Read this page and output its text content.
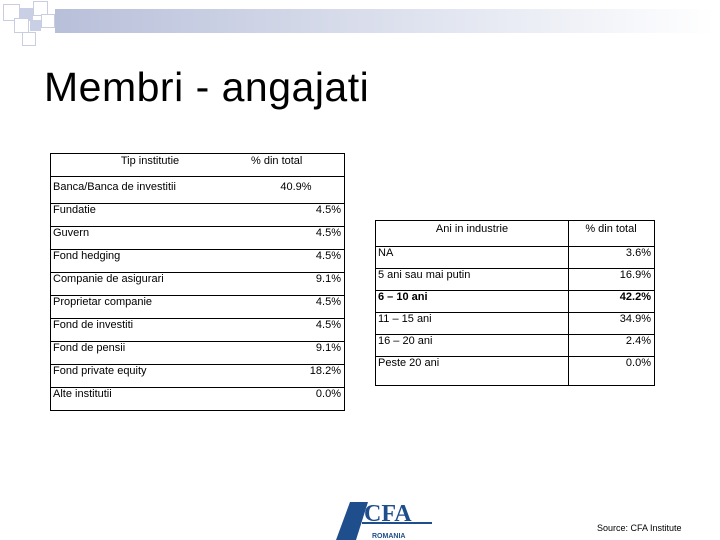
Membri - angajati
Tip institutie	% din total
Banca/Banca de investitii	40.9%
Fundatie	4.5%
Guvern	4.5%
Fond hedging	4.5%
Companie de asigurari	9.1%
Proprietar companie	4.5%
Fond de investiti	4.5%
Fond de pensii	9.1%
Fond private equity	18.2%
Alte institutii	0.0%
Ani in industrie	% din total
NA	3.6%
5 ani sau mai putin	16.9%
6 – 10 ani	42.2%
11 – 15 ani	34.9%
16 – 20 ani	2.4%
Peste 20 ani	0.0%
CFA
ROMANIA
Source: CFA Institute
